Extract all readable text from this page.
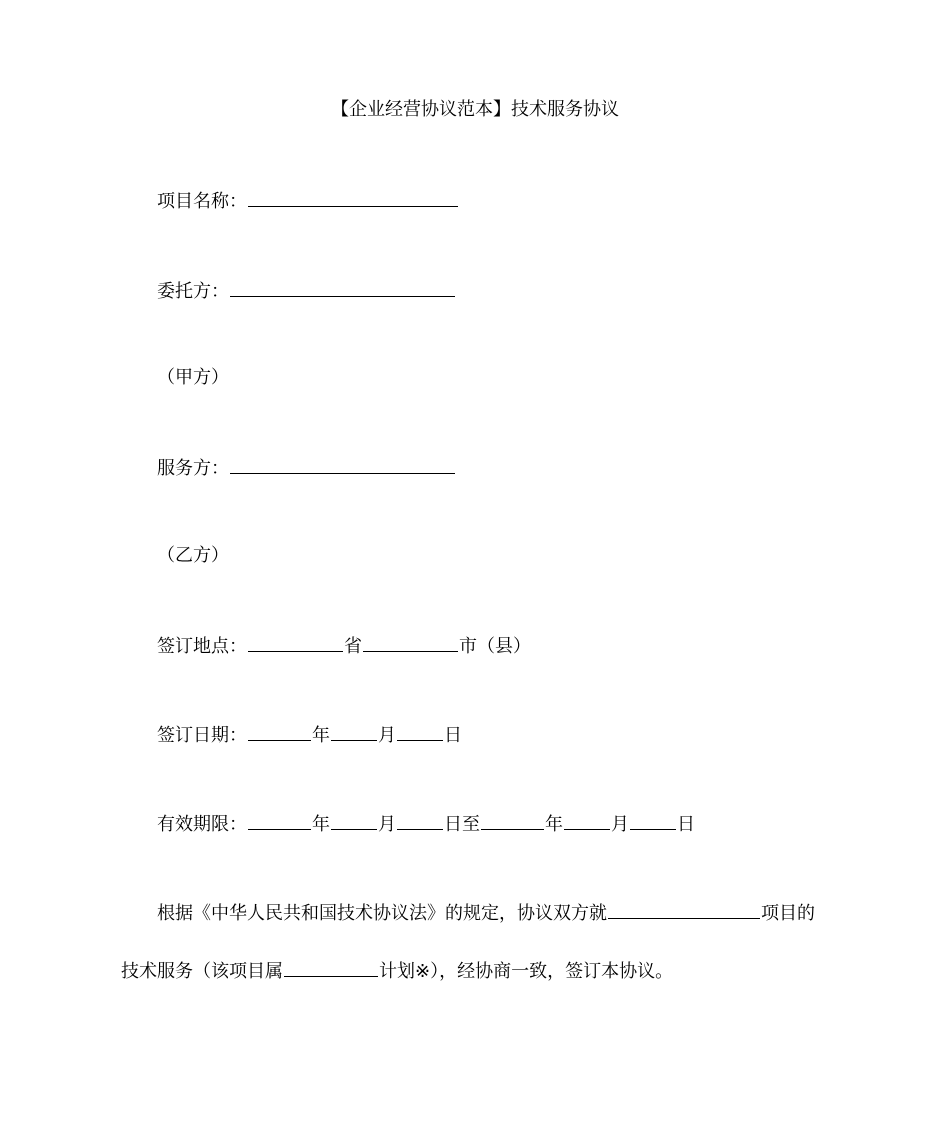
【企业经营协议范本】技术服务协议
项目名称：
委托方：
（甲方）
服务方：
（乙方）
签订地点：	省	市（县）
签订日期：	年	月	日
有效期限：	年	月	日至	年	月	日
根据《中华人民共和国技术协议法》的规定，协议双方就	项目的
技术服务（该项目属	计划※），经协商一致，签订本协议。
